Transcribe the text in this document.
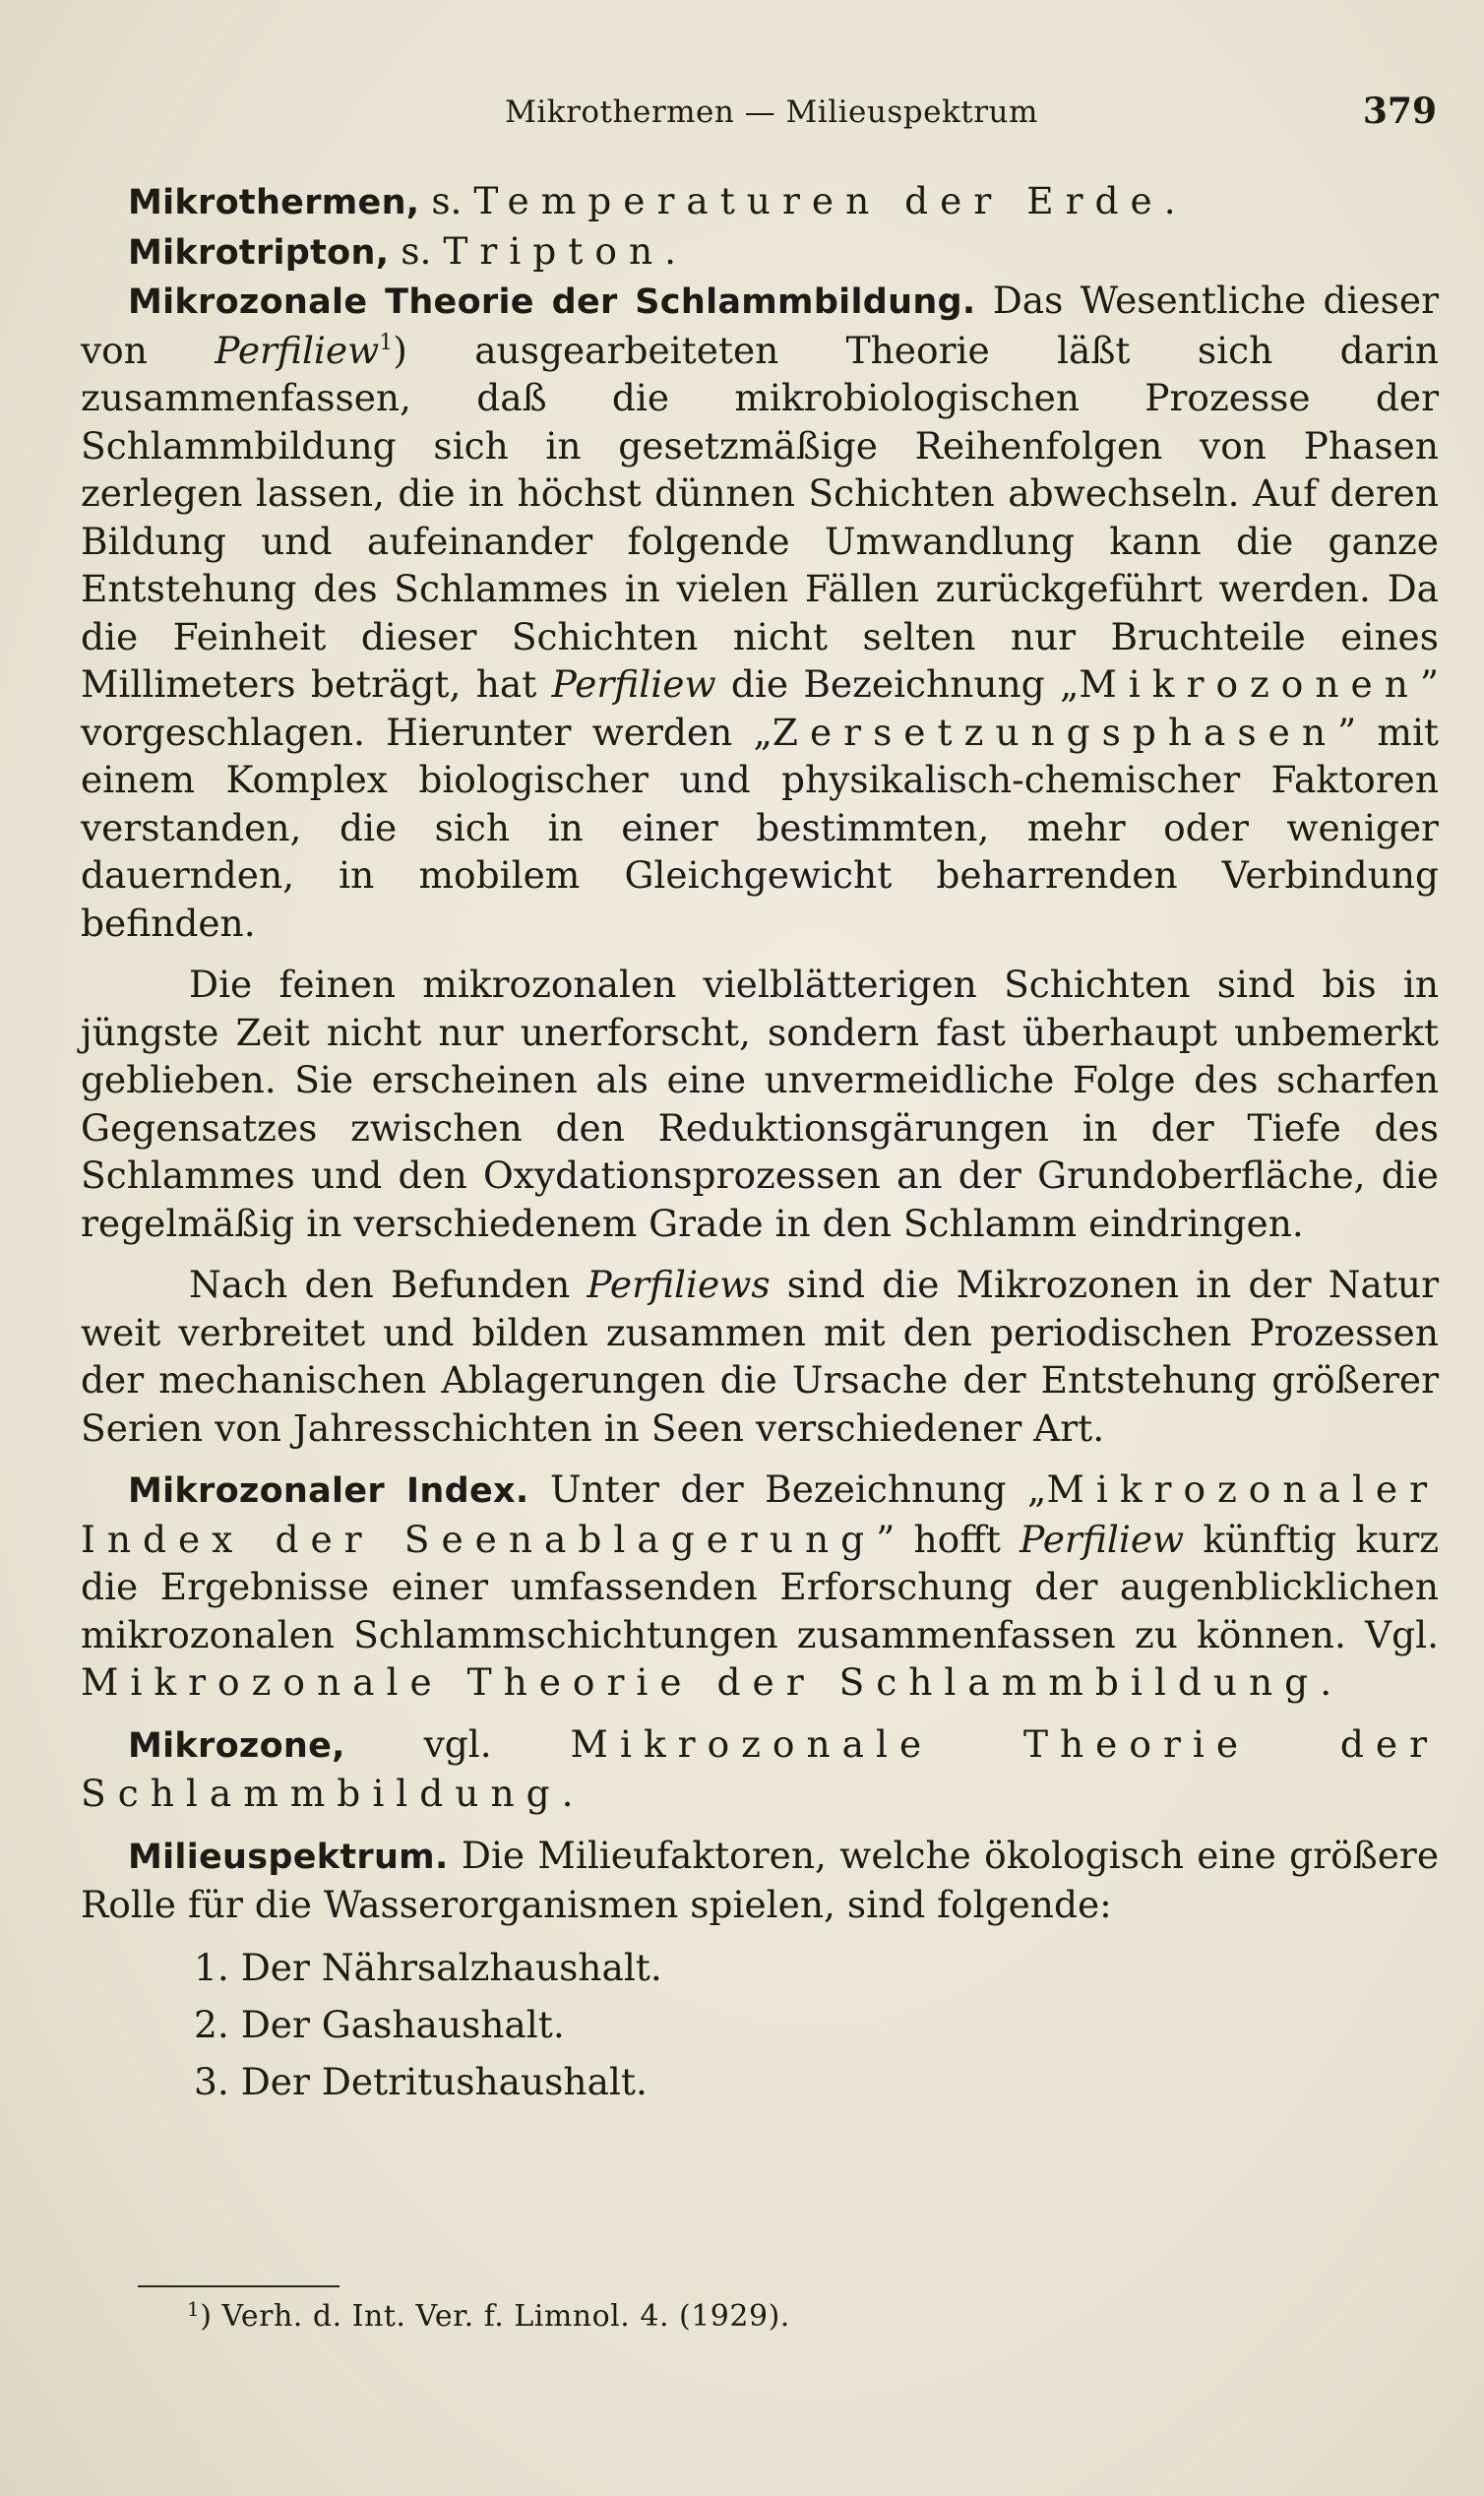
Mikrothermen — Milieuspektrum	379

Mikrothermen, s. Temperaturen der Erde.

Mikrotripton, s. Tripton.

Mikrozonale Theorie der Schlammbildung. Das Wesentliche dieser von Perfiliew$^1$) ausgearbeiteten Theorie läßt sich darin zusammenfassen, daß die mikrobiologischen Prozesse der Schlammbildung sich in gesetzmäßige Reihenfolgen von Phasen zerlegen lassen, die in höchst dünnen Schichten abwechseln. Auf deren Bildung und aufeinander folgende Umwandlung kann die ganze Entstehung des Schlammes in vielen Fällen zurückgeführt werden. Da die Feinheit dieser Schichten nicht selten nur Bruchteile eines Millimeters beträgt, hat Perfiliew die Bezeichnung „Mikrozonen” vorgeschlagen. Hierunter werden „Zersetzungsphasen” mit einem Komplex biologischer und physikalisch-chemischer Faktoren verstanden, die sich in einer bestimmten, mehr oder weniger dauernden, in mobilem Gleichgewicht beharrenden Verbindung befinden.

Die feinen mikrozonalen vielblätterigen Schichten sind bis in jüngste Zeit nicht nur unerforscht, sondern fast überhaupt unbemerkt geblieben. Sie erscheinen als eine unvermeidliche Folge des scharfen Gegensatzes zwischen den Reduktionsgärungen in der Tiefe des Schlammes und den Oxydationsprozessen an der Grundoberfläche, die regelmäßig in verschiedenem Grade in den Schlamm eindringen.

Nach den Befunden Perfiliews sind die Mikrozonen in der Natur weit verbreitet und bilden zusammen mit den periodischen Prozessen der mechanischen Ablagerungen die Ursache der Entstehung größerer Serien von Jahresschichten in Seen verschiedener Art.

Mikrozonaler Index. Unter der Bezeichnung „Mikrozonaler Index der Seenablagerung” hofft Perfiliew künftig kurz die Ergebnisse einer umfassenden Erforschung der augenblicklichen mikrozonalen Schlammschichtungen zusammenfassen zu können. Vgl. Mikrozonale Theorie der Schlammbildung.

Mikrozone, vgl. Mikrozonale Theorie der Schlammbildung.

Milieuspektrum. Die Milieufaktoren, welche ökologisch eine größere Rolle für die Wasserorganismen spielen, sind folgende:

1. Der Nährsalzhaushalt.
2. Der Gashaushalt.
3. Der Detritushaushalt.
$^1$) Verh. d. Int. Ver. f. Limnol. 4. (1929).
